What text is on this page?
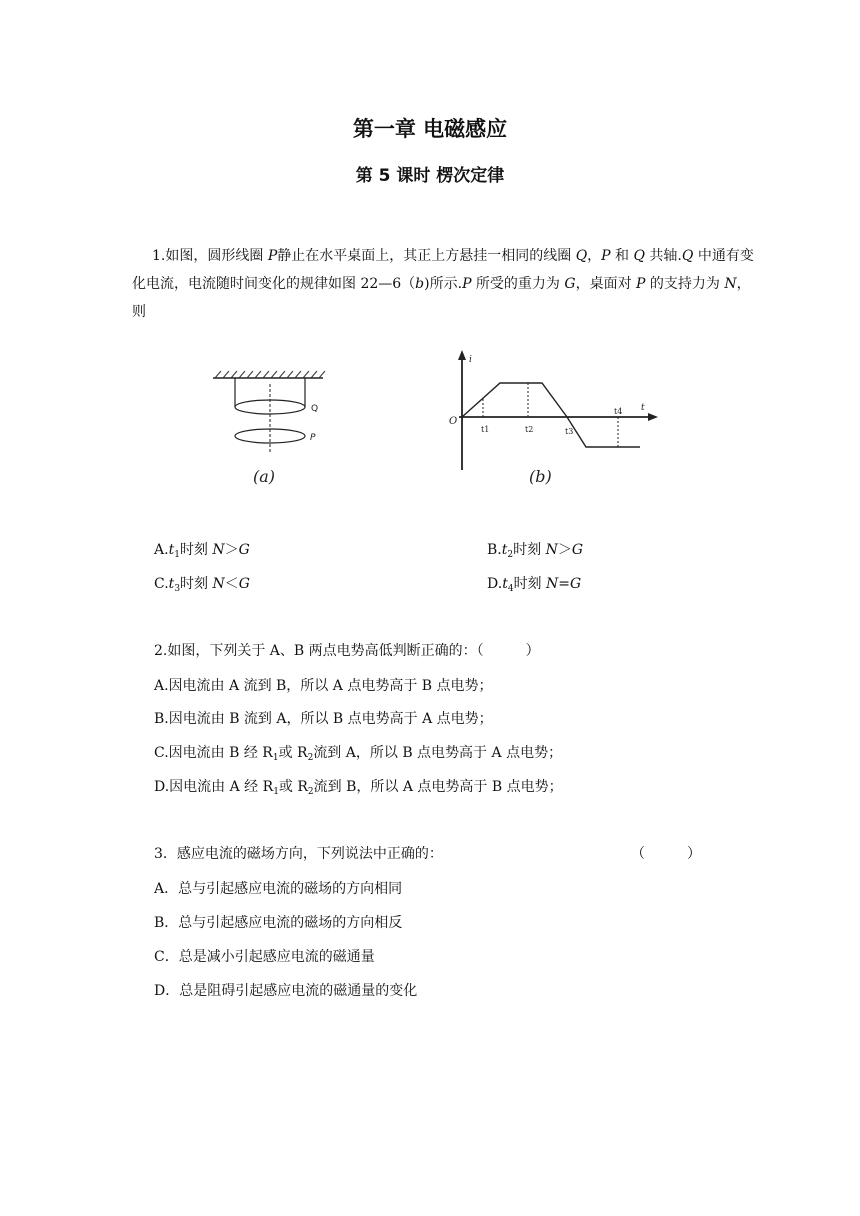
第一章 电磁感应
第 5 课时 楞次定律
1.如图，圆形线圈 P静止在水平桌面上，其正上方悬挂一相同的线圈 Q，P 和 Q 共轴.Q 中通有变化电流，电流随时间变化的规律如图 22—6（b)所示.P 所受的重力为 G，桌面对 P 的支持力为 N，则
Q
P
(a)
i
t
O
t1	t2	t3
t4
(b)
$A.t_1$时刻 N＞G	$B.t_2$时刻 N＞G
$C.t_3$时刻 N＜G	$D.t_4$时刻 N=G
2.如图，下列关于 A、B 两点电势高低判断正确的：（　　　）
A.因电流由 A 流到 B，所以 A 点电势高于 B 点电势；
B.因电流由 B 流到 A，所以 B 点电势高于 A 点电势；
C.因电流由 B 经 $R_1$或 $R_2$流到 A，所以 B 点电势高于 A 点电势；
D.因电流由 A 经 $R_1$或 $R_2$流到 B，所以 A 点电势高于 B 点电势；
3．感应电流的磁场方向，下列说法中正确的：	（　　　）
A．总与引起感应电流的磁场的方向相同
B．总与引起感应电流的磁场的方向相反
C．总是减小引起感应电流的磁通量
D．总是阻碍引起感应电流的磁通量的变化
